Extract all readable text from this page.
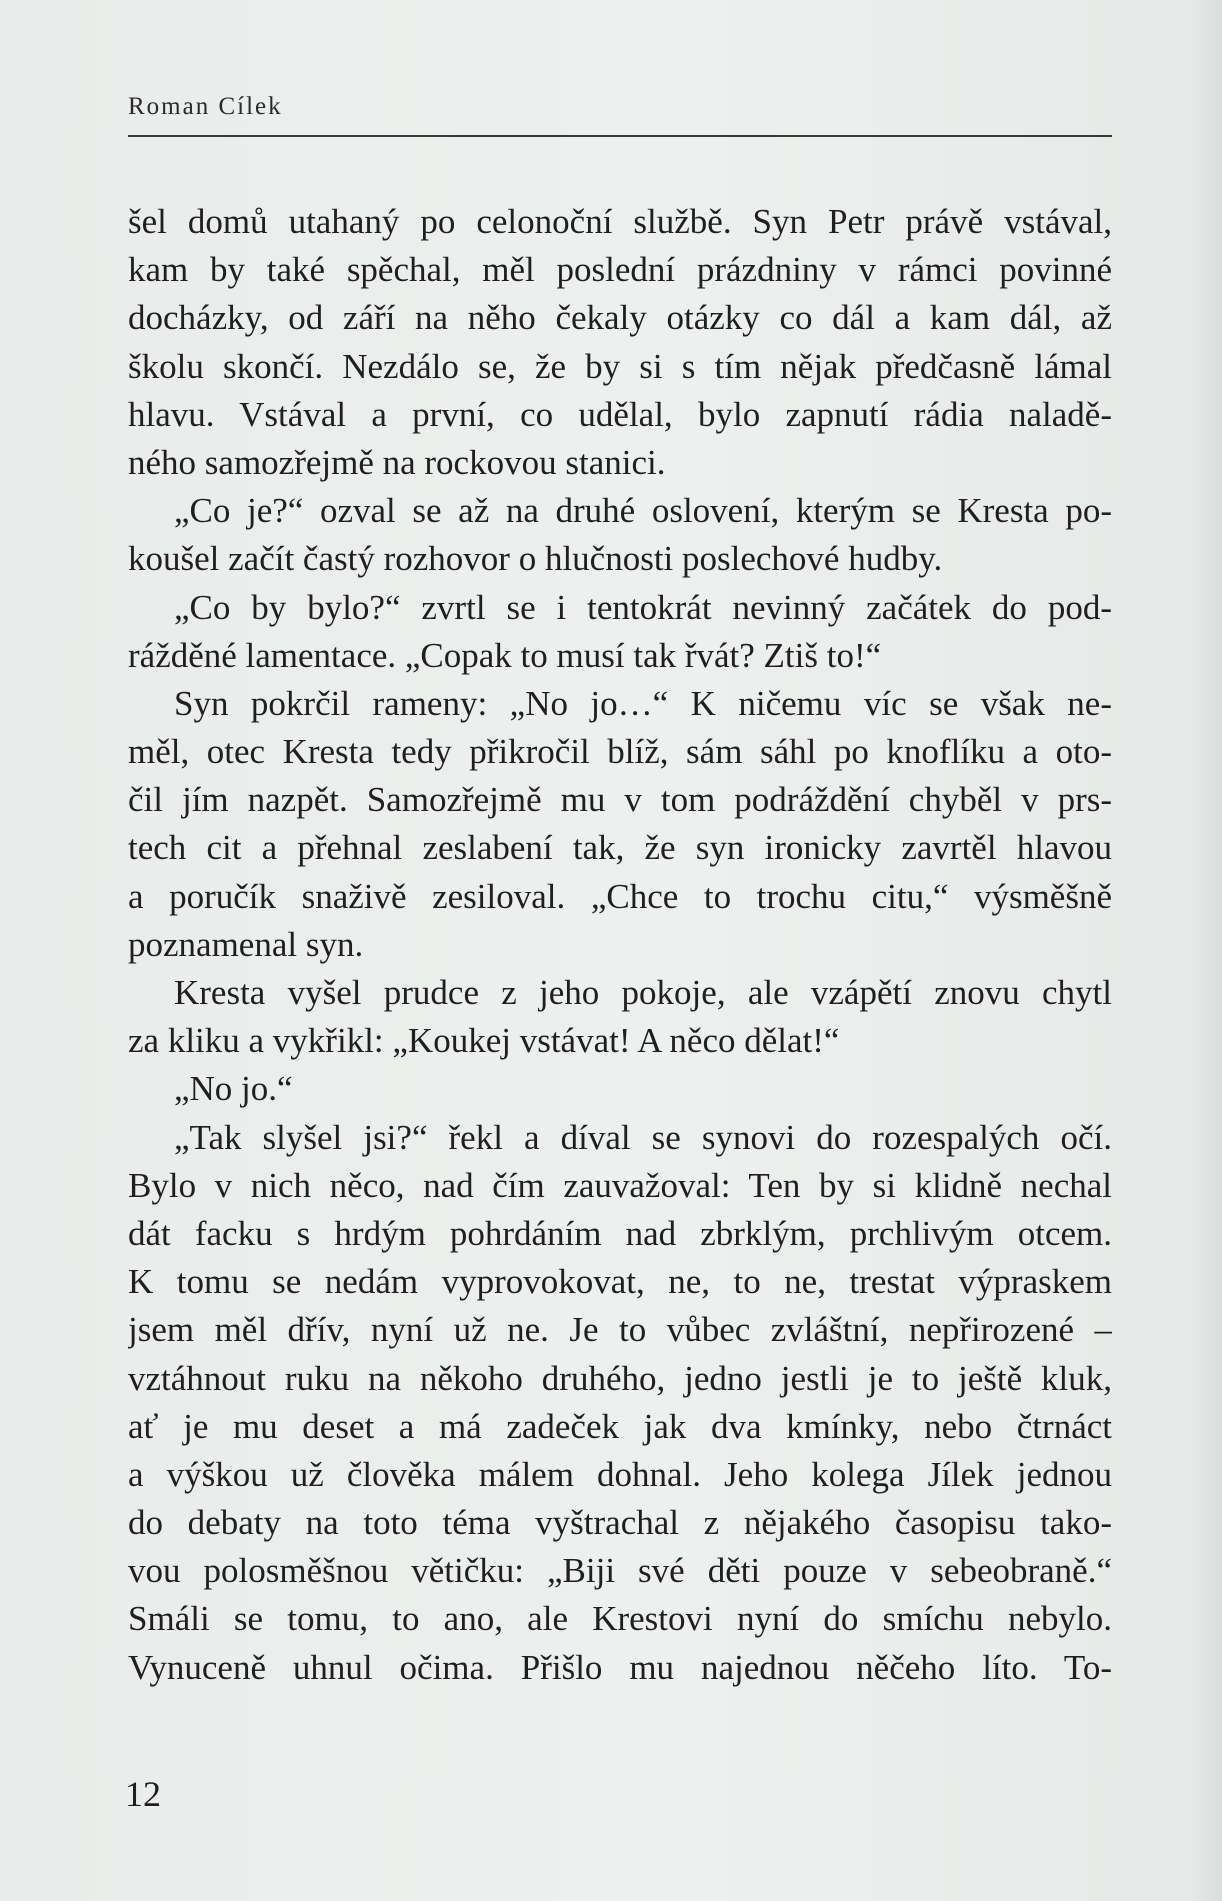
Roman Cílek
šel domů utahaný po celonoční službě. Syn Petr právě vstával,
kam by také spěchal, měl poslední prázdniny v rámci povinné
docházky, od září na něho čekaly otázky co dál a kam dál, až
školu skončí. Nezdálo se, že by si s tím nějak předčasně lámal
hlavu. Vstával a první, co udělal, bylo zapnutí rádia naladě-
ného samozřejmě na rockovou stanici.
„Co je?“ ozval se až na druhé oslovení, kterým se Kresta po-
koušel začít častý rozhovor o hlučnosti poslechové hudby.
„Co by bylo?“ zvrtl se i tentokrát nevinný začátek do pod-
rážděné lamentace. „Copak to musí tak řvát? Ztiš to!“
Syn pokrčil rameny: „No jo…“ K ničemu víc se však ne-
měl, otec Kresta tedy přikročil blíž, sám sáhl po knoflíku a oto-
čil jím nazpět. Samozřejmě mu v tom podráždění chyběl v prs-
tech cit a přehnal zeslabení tak, že syn ironicky zavrtěl hlavou
a poručík snaživě zesiloval. „Chce to trochu citu,“ výsměšně
poznamenal syn.
Kresta vyšel prudce z jeho pokoje, ale vzápětí znovu chytl
za kliku a vykřikl: „Koukej vstávat! A něco dělat!“
„No jo.“
„Tak slyšel jsi?“ řekl a díval se synovi do rozespalých očí.
Bylo v nich něco, nad čím zauvažoval: Ten by si klidně nechal
dát facku s hrdým pohrdáním nad zbrklým, prchlivým otcem.
K tomu se nedám vyprovokovat, ne, to ne, trestat výpraskem
jsem měl dřív, nyní už ne. Je to vůbec zvláštní, nepřirozené –
vztáhnout ruku na někoho druhého, jedno jestli je to ještě kluk,
ať je mu deset a má zadeček jak dva kmínky, nebo čtrnáct
a výškou už člověka málem dohnal. Jeho kolega Jílek jednou
do debaty na toto téma vyštrachal z nějakého časopisu tako-
vou polosměšnou větičku: „Biji své děti pouze v sebeobraně.“
Smáli se tomu, to ano, ale Krestovi nyní do smíchu nebylo.
Vynuceně uhnul očima. Přišlo mu najednou něčeho líto. To-
12
